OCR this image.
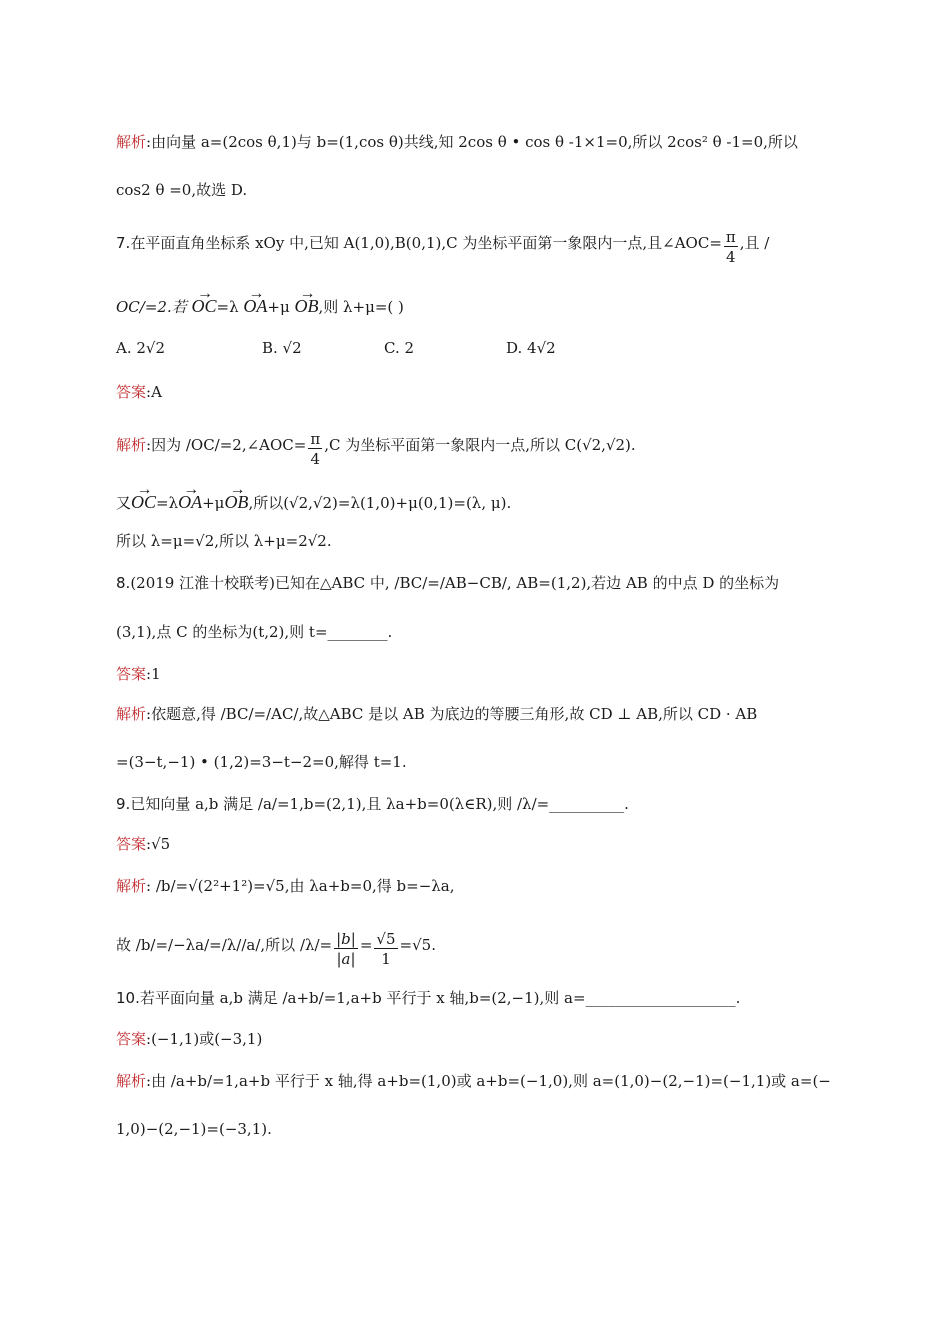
解析:由向量 a=(2cos θ,1)与 b=(1,cos θ)共线,知 2cos θ • cos θ -1×1=0,所以 2cos² θ -1=0,所以
cos2 θ =0,故选 D.
7.在平面直角坐标系 xOy 中,已知 A(1,0),B(0,1),C 为坐标平面第一象限内一点,且∠AOC= $\frac{\pi}{4}$ ,且 /
OC/=2.若 → OC=λ → OA+μ → OB,则 λ+μ=( )
A. 2√2	B. √2	C. 2	D. 4√2
答案:A
解析:因为 /OC/=2,∠AOC= $\frac{\pi}{4} ,C$ 为坐标平面第一象限内一点,所以 C(√2,√2).
又→ OC=λ→ OA+μ→ OB,所以(√2,√2)=λ(1,0)+μ(0,1)=(λ, μ).
所以 λ=μ=√2,所以 λ+μ=2√2.
8.(2019 江淮十校联考)已知在△ABC 中, /BC/=/AB−CB/, AB=(1,2),若边 AB 的中点 D 的坐标为
(3,1),点 C 的坐标为(t,2),则 t=________.
答案:1
解析:依题意,得 /BC/=/AC/,故△ABC 是以 AB 为底边的等腰三角形,故 CD ⊥ AB,所以 CD · AB
=(3−t,−1) • (1,2)=3−t−2=0,解得 t=1.
9.已知向量 a,b 满足 /a/=1,b=(2,1),且 λa+b=0(λ∈R),则 /λ/=__________.
答案:√5
解析: /b/=√(2²+1²)=√5,由 λa+b=0,得 b=−λa,
故 /b/=/−λa/=/λ//a/,所以 $/\lambda/= \frac{|b|}{|a|} = \frac{√5}{1} =√5$.
10.若平面向量 a,b 满足 /a+b/=1,a+b 平行于 x 轴,b=(2,−1),则 a=____________________.
答案:(−1,1)或(−3,1)
解析:由 /a+b/=1,a+b 平行于 x 轴,得 a+b=(1,0)或 a+b=(−1,0),则 a=(1,0)−(2,−1)=(−1,1)或 a=(−
1,0)−(2,−1)=(−3,1).
